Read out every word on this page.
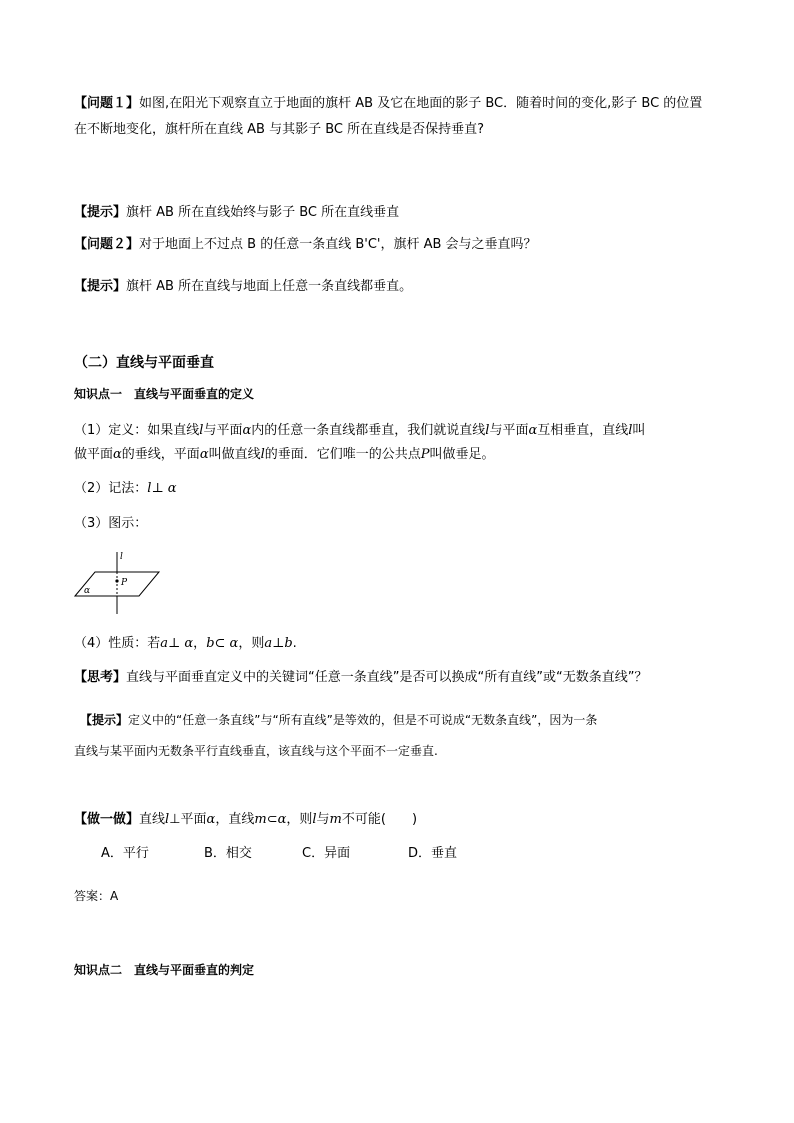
【问题１】如图,在阳光下观察直立于地面的旗杆 AB 及它在地面的影子 BC．随着时间的变化,影子 BC 的位置
在不断地变化，旗杆所在直线 AB 与其影子 BC 所在直线是否保持垂直?
【提示】旗杆 AB 所在直线始终与影子 BC 所在直线垂直
【问题２】对于地面上不过点 B 的任意一条直线 B'C'，旗杆 AB 会与之垂直吗？
【提示】旗杆 AB 所在直线与地面上任意一条直线都垂直。
（二）直线与平面垂直
知识点一　直线与平面垂直的定义
（1）定义：如果直线l与平面α内的任意一条直线都垂直，我们就说直线l与平面α互相垂直，直线l叫
做平面α的垂线，平面α叫做直线l的垂面．它们唯一的公共点P叫做垂足。
（2）记法：l⊥ α
（3）图示：
l
P
α
（4）性质：若a⊥ α，b⊂ α，则a⊥b.
【思考】直线与平面垂直定义中的关键词“任意一条直线”是否可以换成“所有直线”或“无数条直线”？
【提示】定义中的“任意一条直线”与“所有直线”是等效的，但是不可说成“无数条直线”，因为一条
直线与某平面内无数条平行直线垂直，该直线与这个平面不一定垂直.
【做一做】直线l⊥平面α，直线m⊂α，则l与m不可能(　　)
A．平行	B．相交	C．异面	D．垂直
答案：A
知识点二　直线与平面垂直的判定
